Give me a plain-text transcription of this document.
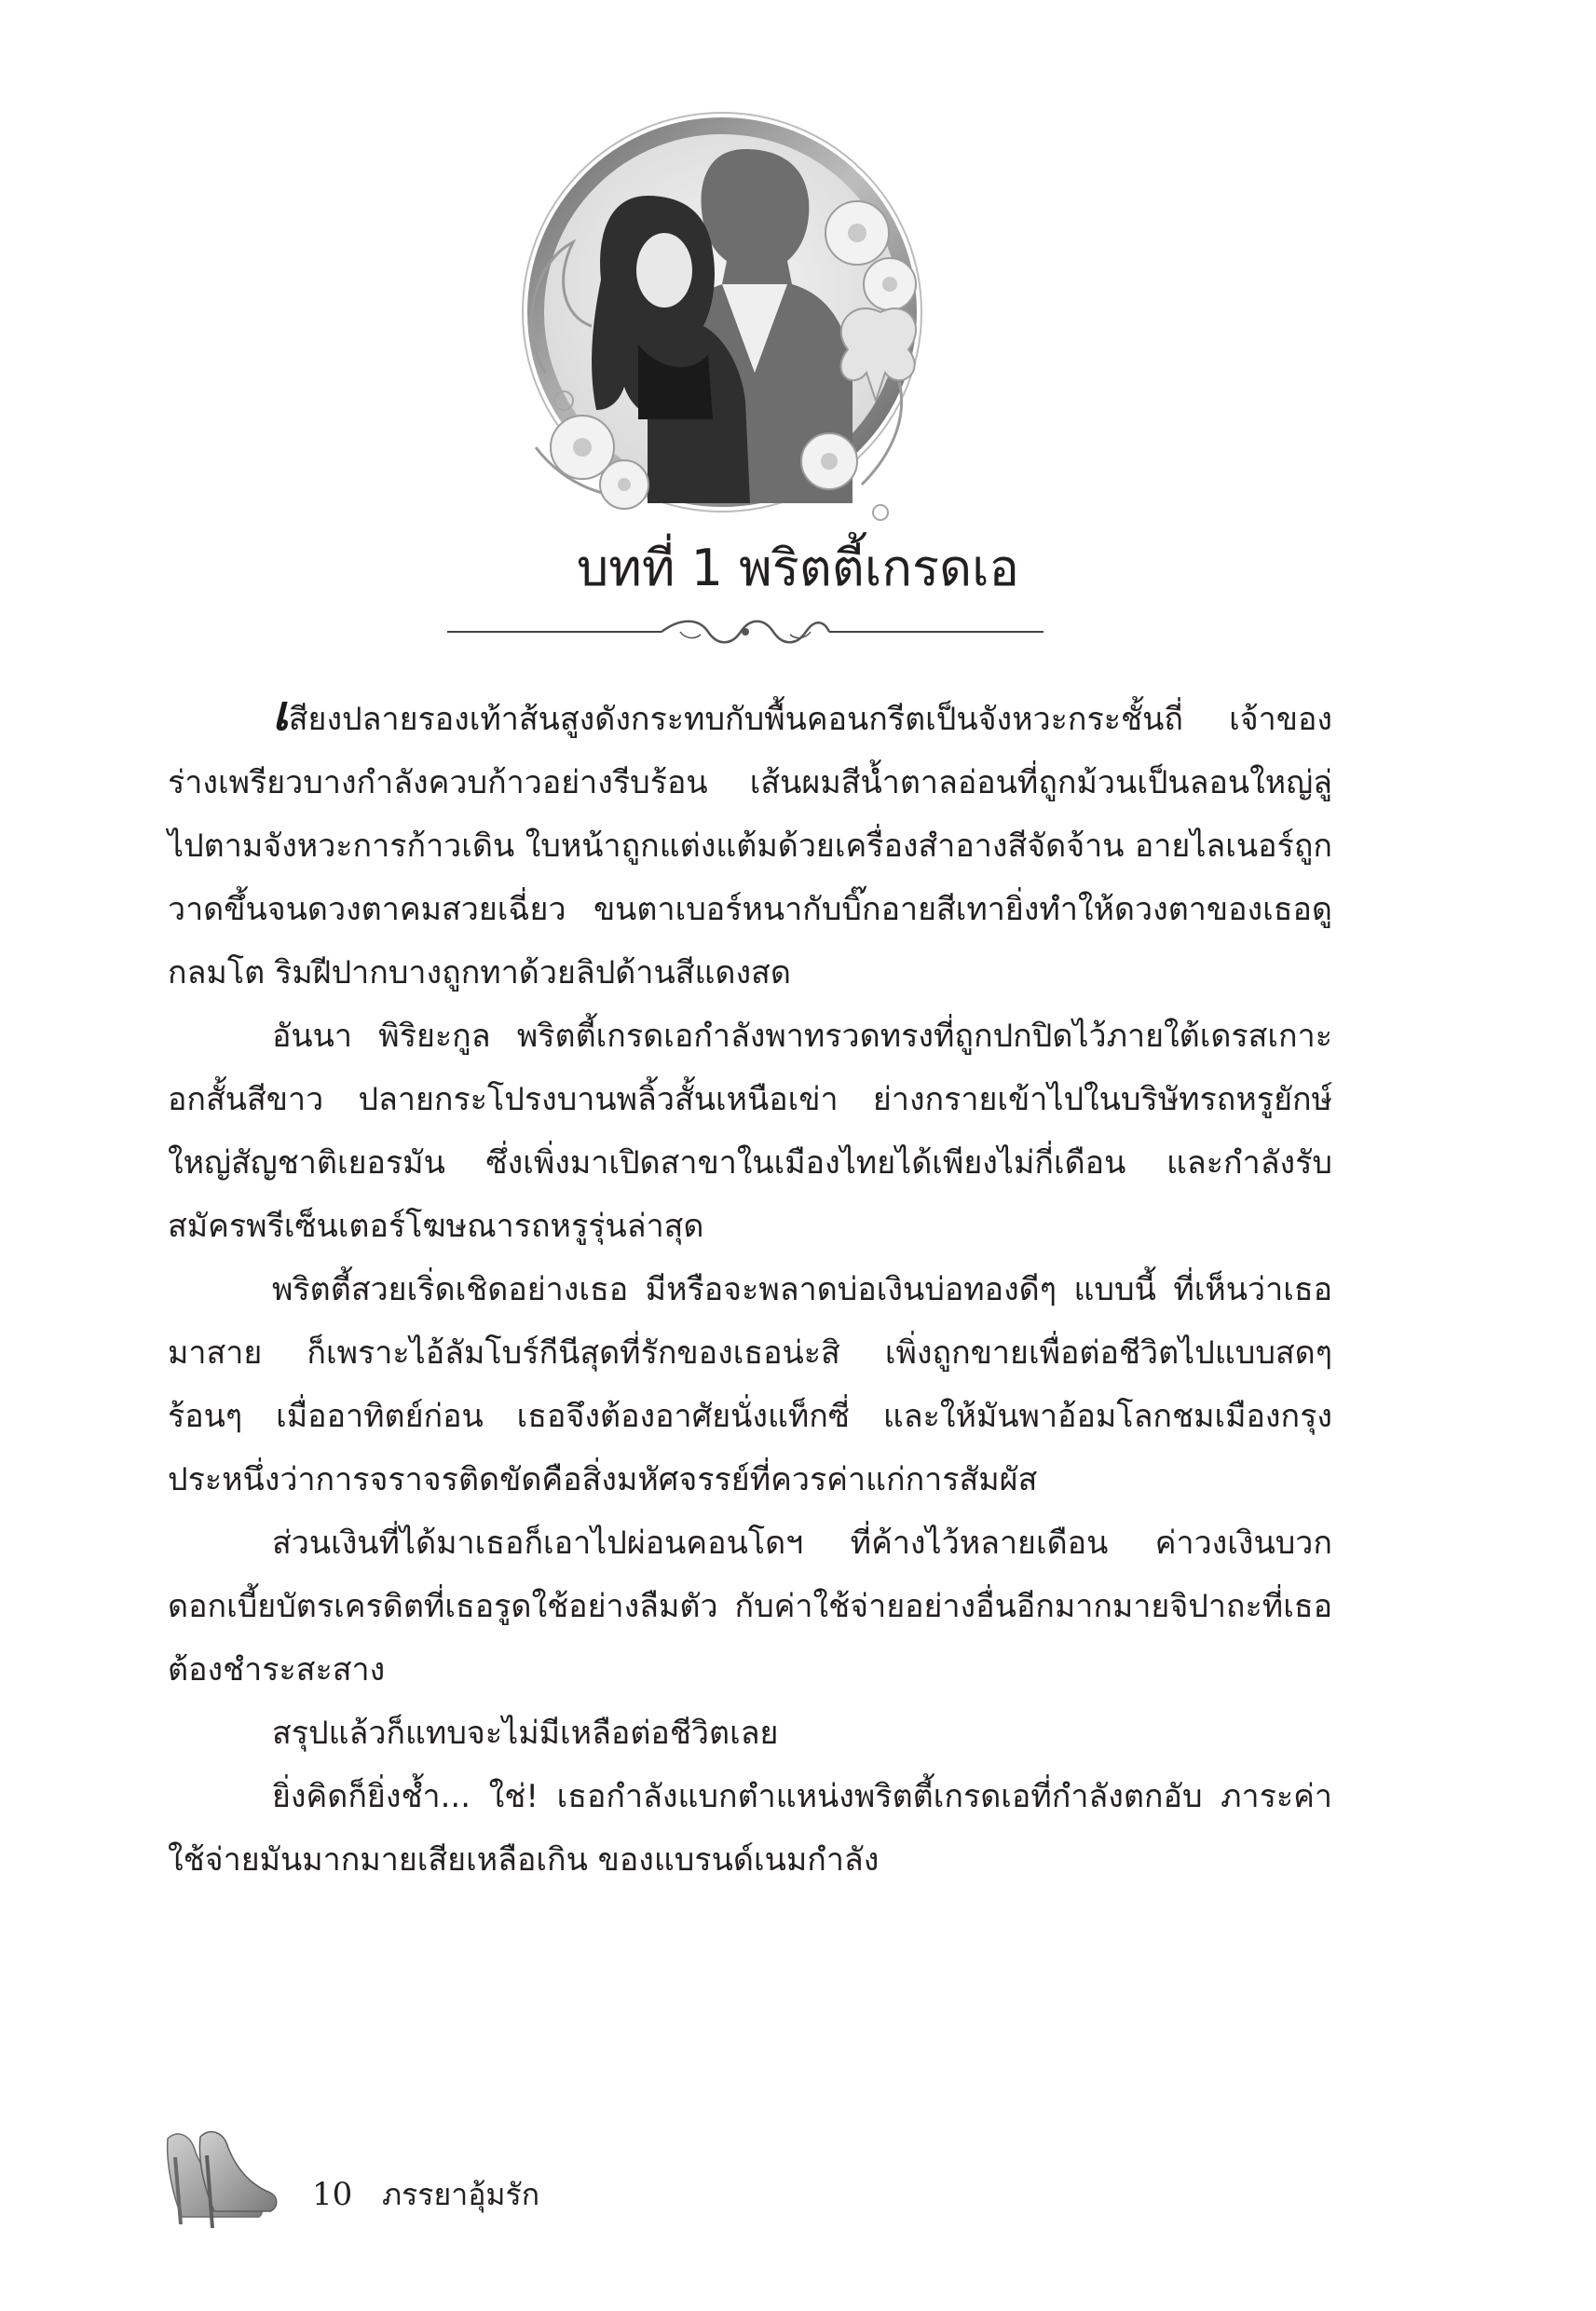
บทที่ 1 พริตตี้เกรดเอ

เสียงปลายรองเท้าส้นสูงดังกระทบกับพื้นคอนกรีตเป็นจังหวะกระชั้นถี่ เจ้าของร่างเพรียวบางกำลังควบก้าวอย่างรีบร้อน เส้นผมสีน้ำตาลอ่อนที่ถูกม้วนเป็นลอนใหญ่ลู่ไปตามจังหวะการก้าวเดิน ใบหน้าถูกแต่งแต้มด้วยเครื่องสำอางสีจัดจ้าน อายไลเนอร์ถูกวาดขึ้นจนดวงตาคมสวยเฉี่ยว ขนตาเบอร์หนากับบิ๊กอายสีเทายิ่งทำให้ดวงตาของเธอดูกลมโต ริมฝีปากบางถูกทาด้วยลิปด้านสีแดงสด

อันนา พิริยะกูล พริตตี้เกรดเอกำลังพาทรวดทรงที่ถูกปกปิดไว้ภายใต้เดรสเกาะอกสั้นสีขาว ปลายกระโปรงบานพลิ้วสั้นเหนือเข่า ย่างกรายเข้าไปในบริษัทรถหรูยักษ์ใหญ่สัญชาติเยอรมัน ซึ่งเพิ่งมาเปิดสาขาในเมืองไทยได้เพียงไม่กี่เดือน และกำลังรับสมัครพรีเซ็นเตอร์โฆษณารถหรูรุ่นล่าสุด

พริตตี้สวยเริ่ดเชิดอย่างเธอ มีหรือจะพลาดบ่อเงินบ่อทองดีๆ แบบนี้ ที่เห็นว่าเธอมาสาย ก็เพราะไอ้ลัมโบร์กีนีสุดที่รักของเธอน่ะสิ เพิ่งถูกขายเพื่อต่อชีวิตไปแบบสดๆ ร้อนๆ เมื่ออาทิตย์ก่อน เธอจึงต้องอาศัยนั่งแท็กซี่ และให้มันพาอ้อมโลกชมเมืองกรุง ประหนึ่งว่าการจราจรติดขัดคือสิ่งมหัศจรรย์ที่ควรค่าแก่การสัมผัส

ส่วนเงินที่ได้มาเธอก็เอาไปผ่อนคอนโดฯ ที่ค้างไว้หลายเดือน ค่าวงเงินบวกดอกเบี้ยบัตรเครดิตที่เธอรูดใช้อย่างลืมตัว กับค่าใช้จ่ายอย่างอื่นอีกมากมายจิปาถะที่เธอต้องชำระสะสาง

สรุปแล้วก็แทบจะไม่มีเหลือต่อชีวิตเลย

ยิ่งคิดก็ยิ่งช้ำ... ใช่! เธอกำลังแบกตำแหน่งพริตตี้เกรดเอที่กำลังตกอับ ภาระค่าใช้จ่ายมันมากมายเสียเหลือเกิน ของแบรนด์เนมกำลัง

10 ภรรยาอุ้มรัก
